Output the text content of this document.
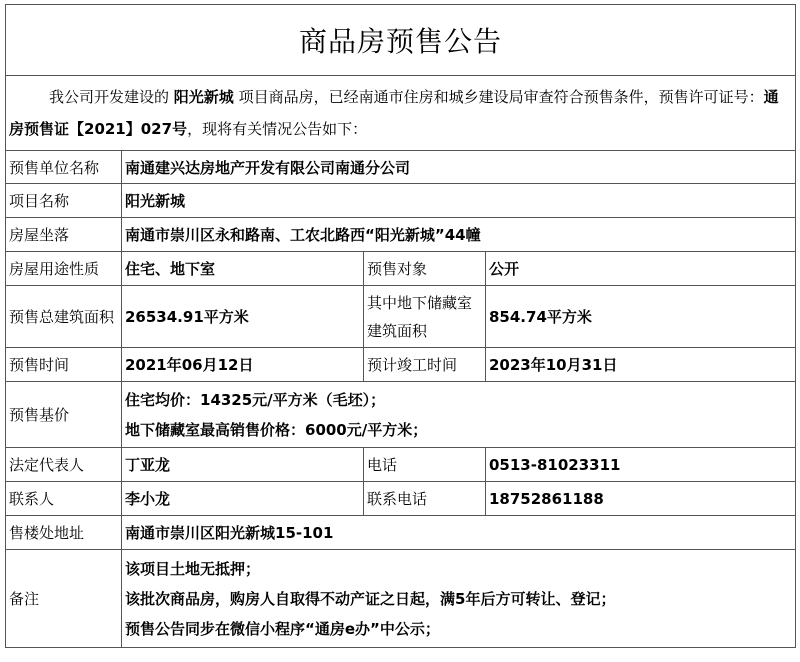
商品房预售公告			
我公司开发建设的 阳光新城 项目商品房，已经南通市住房和城乡建设局审查符合预售条件，预售许可证号：通房预售证【2021】027号，现将有关情况公告如下：			
预售单位名称	南通建兴达房地产开发有限公司南通分公司		
项目名称	阳光新城		
房屋坐落	南通市崇川区永和路南、工农北路西“阳光新城”44幢		
房屋用途性质	住宅、地下室	预售对象	公开
预售总建筑面积	26534.91平方米	其中地下储藏室建筑面积	854.74平方米
预售时间	2021年06月12日	预计竣工时间	2023年10月31日
预售基价	住宅均价：14325元/平方米（毛坯）；
地下储藏室最高销售价格：6000元/平方米；		

法定代表人	丁亚龙	电话	0513-81023311
联系人	李小龙	联系电话	18752861188
售楼处地址	南通市崇川区阳光新城15-101		
备注	该项目土地无抵押；
该批次商品房，购房人自取得不动产证之日起，满5年后方可转让、登记；
预售公告同步在微信小程序“通房e办”中公示；		
